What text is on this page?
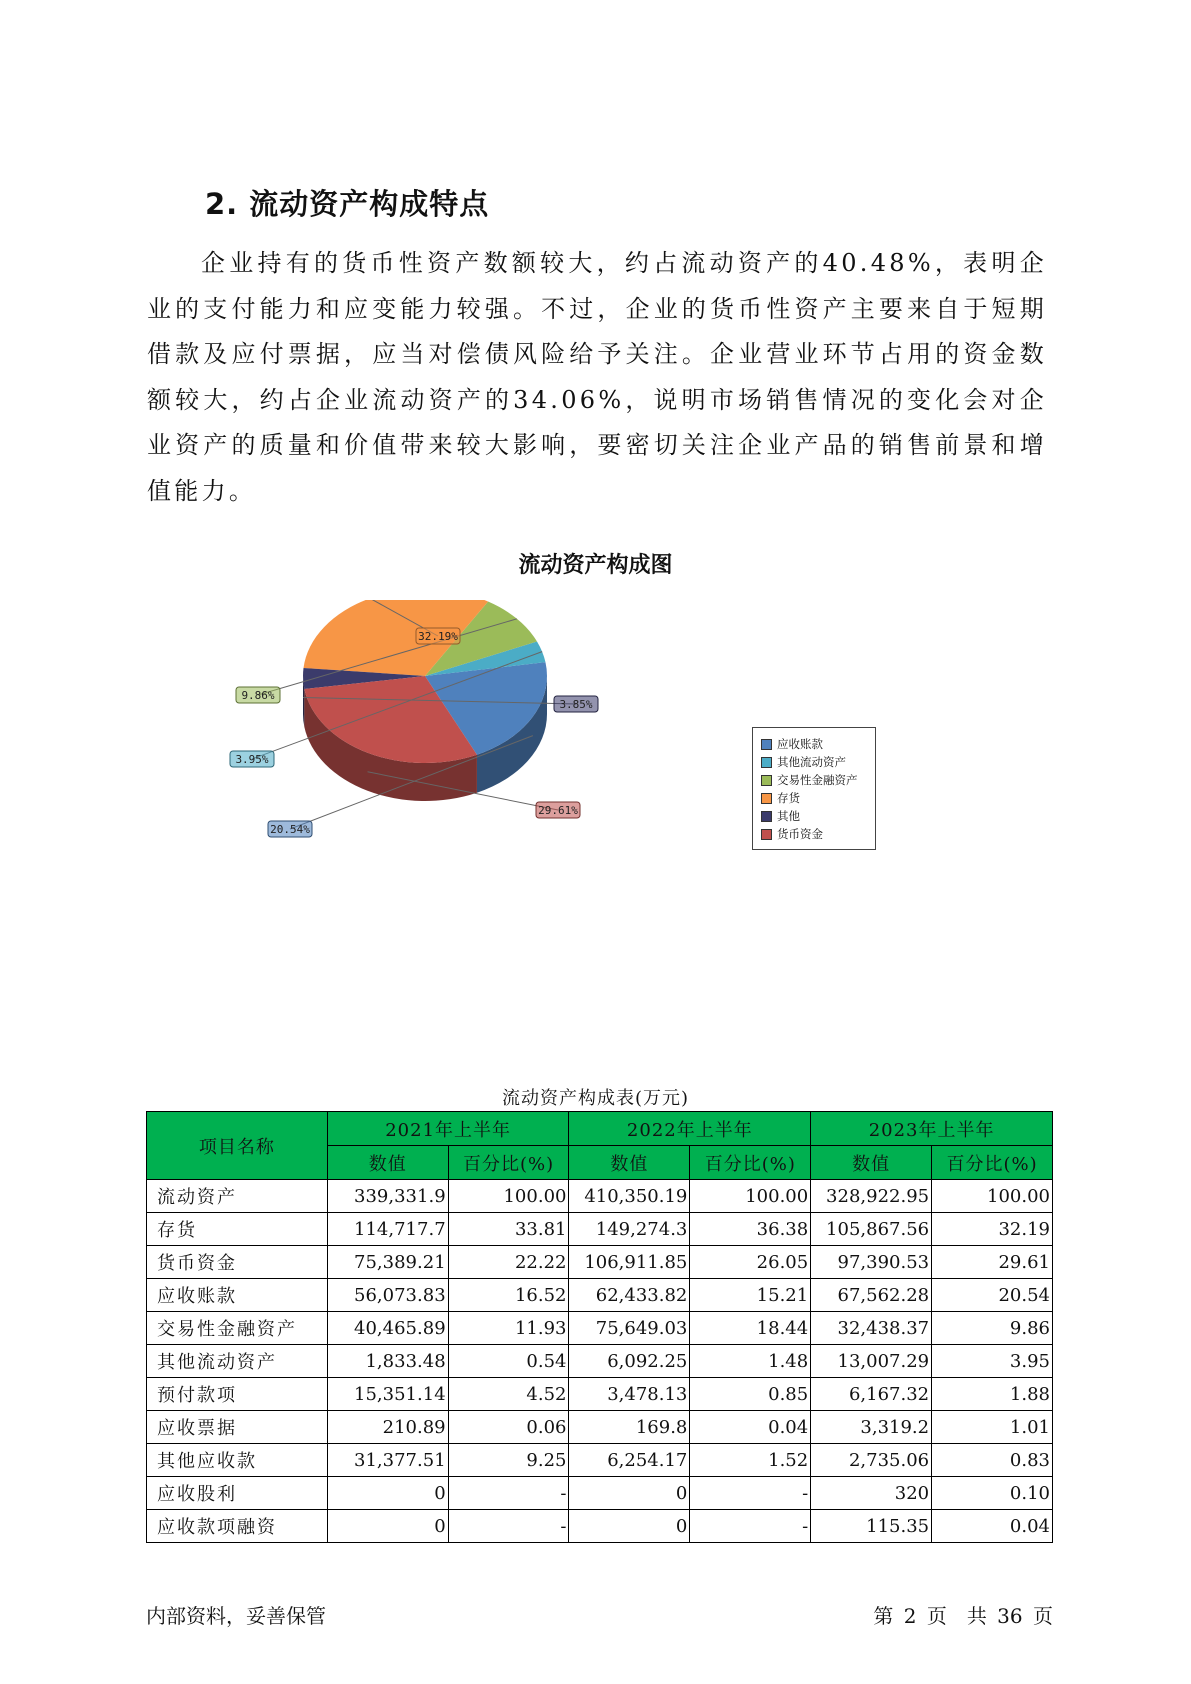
2. 流动资产构成特点

企业持有的货币性资产数额较大，约占流动资产的40.48%，表明企业的支付能力和应变能力较强。不过，企业的货币性资产主要来自于短期借款及应付票据，应当对偿债风险给予关注。企业营业环节占用的资金数额较大，约占企业流动资产的34.06%，说明市场销售情况的变化会对企业资产的质量和价值带来较大影响，要密切关注企业产品的销售前景和增值能力。

流动资产构成图
20.54%
3.95%
9.86%
32.19%
3.85%
29.61%
应收账款
其他流动资产
交易性金融资产
存货
其他
货币资金
流动资产构成表(万元)
项目名称	2021年上半年		2022年上半年		2023年上半年	
	数值	百分比(%)	数值	百分比(%)	数值	百分比(%)
流动资产	339,331.9	100.00	410,350.19	100.00	328,922.95	100.00
存货	114,717.7	33.81	149,274.3	36.38	105,867.56	32.19
货币资金	75,389.21	22.22	106,911.85	26.05	97,390.53	29.61
应收账款	56,073.83	16.52	62,433.82	15.21	67,562.28	20.54
交易性金融资产	40,465.89	11.93	75,649.03	18.44	32,438.37	9.86
其他流动资产	1,833.48	0.54	6,092.25	1.48	13,007.29	3.95
预付款项	15,351.14	4.52	3,478.13	0.85	6,167.32	1.88
应收票据	210.89	0.06	169.8	0.04	3,319.2	1.01
其他应收款	31,377.51	9.25	6,254.17	1.52	2,735.06	0.83
应收股利	0	-	0	-	320	0.10
应收款项融资	0	-	0	-	115.35	0.04
内部资料，妥善保管	第 2 页　共 36 页
